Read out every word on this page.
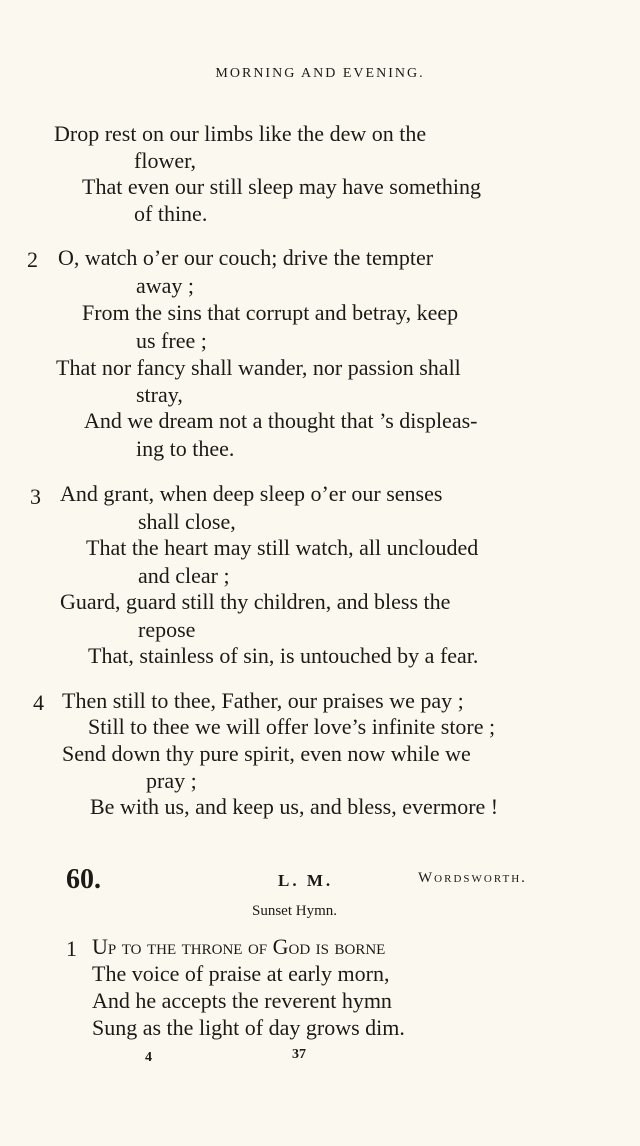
MORNING AND EVENING.
Drop rest on our limbs like the dew on the
flower,
That even our still sleep may have something
of thine.
2 O, watch o’er our couch; drive the tempter
away ;
From the sins that corrupt and betray, keep
us free ;
That nor fancy shall wander, nor passion shall
stray,
And we dream not a thought that ’s displeas-
ing to thee.
3 And grant, when deep sleep o’er our senses
shall close,
That the heart may still watch, all unclouded
and clear ;
Guard, guard still thy children, and bless the
repose
That, stainless of sin, is untouched by a fear.
4 Then still to thee, Father, our praises we pay ;
Still to thee we will offer love’s infinite store ;
Send down thy pure spirit, even now while we
pray ;
Be with us, and keep us, and bless, evermore !
60.	L. M.	Wordsworth.
Sunset Hymn.
1 Up to the throne of God is borne
The voice of praise at early morn,
And he accepts the reverent hymn
Sung as the light of day grows dim.
4	37
